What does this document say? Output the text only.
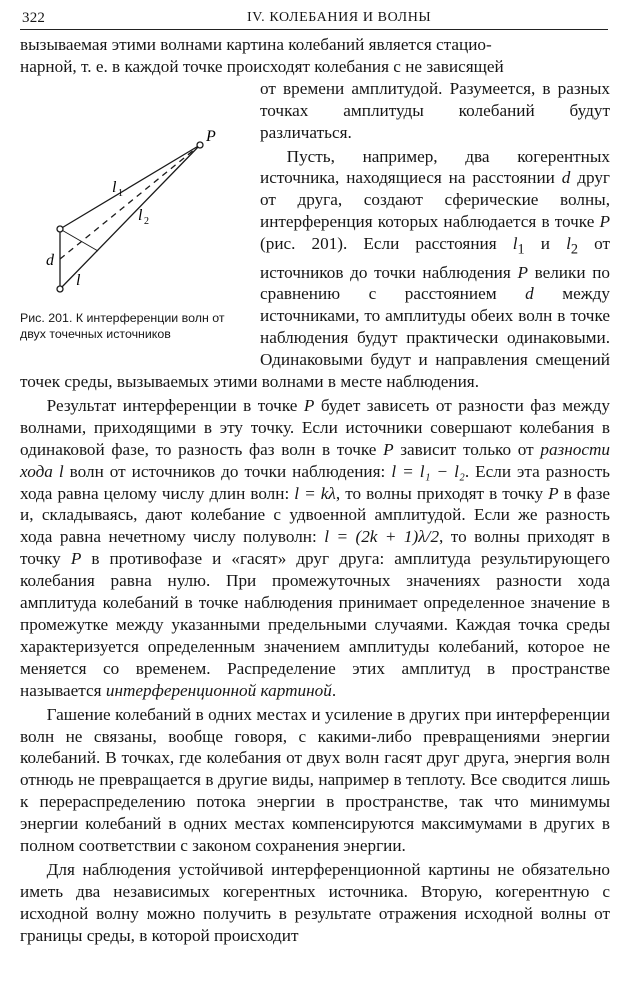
322	IV. КОЛЕБАНИЯ И ВОЛНЫ

вызываемая этими волнами картина колебаний является стацио-
нарной, т. е. в каждой точке происходят колебания с не зависящей

P
l 1
l 2
d
l
Рис. 201. К интерференции волн от двух точечных источников

от времени амплитудой. Разумеется, в разных точках амплитуды колебаний будут различаться.

Пусть, например, два когерентных источника, находящиеся на расстоянии d друг от друга, создают сферические волны, интерференция которых наблюдается в точке P (рис. 201). Если расстояния $l_1$ и $l_2$ от источников до точки наблюдения P велики по сравнению с расстоянием d между источниками, то амплитуды обеих волн в точке наблюдения будут практически одинаковыми. Одинаковыми будут и направления смещений точек среды, вызываемых этими волнами в месте наблюдения.

Результат интерференции в точке P будет зависеть от разности фаз между волнами, приходящими в эту точку. Если источники совершают колебания в одинаковой фазе, то разность фаз волн в точке P зависит только от разности хода l волн от источников до точки наблюдения: l = l₁ − l₂. Если эта разность хода равна целому числу длин волн: l = kλ, то волны приходят в точку P в фазе и, складываясь, дают колебание с удвоенной амплитудой. Если же разность хода равна нечетному числу полуволн: l = (2k + 1)λ/2, то волны приходят в точку P в противофазе и «гасят» друг друга: амплитуда результирующего колебания равна нулю. При промежуточных значениях разности хода амплитуда колебаний в точке наблюдения принимает определенное значение в промежутке между указанными предельными случаями. Каждая точка среды характеризуется определенным значением амплитуды колебаний, которое не меняется со временем. Распределение этих амплитуд в пространстве называется интерференционной картиной.

Гашение колебаний в одних местах и усиление в других при интерференции волн не связаны, вообще говоря, с какими-либо превращениями энергии колебаний. В точках, где колебания от двух волн гасят друг друга, энергия волн отнюдь не превращается в другие виды, например в теплоту. Все сводится лишь к перераспределению потока энергии в пространстве, так что минимумы энергии колебаний в одних местах компенсируются максимумами в других в полном соответствии с законом сохранения энергии.

Для наблюдения устойчивой интерференционной картины не обязательно иметь два независимых когерентных источника. Вторую, когерентную с исходной волну можно получить в результате отражения исходной волны от границы среды, в которой происходит
